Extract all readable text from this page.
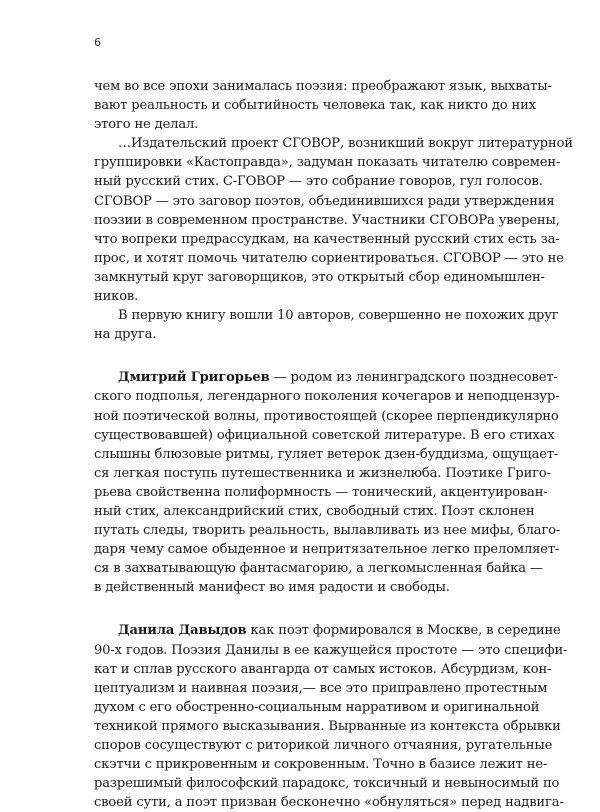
6
чем во все эпохи занималась поэзия: преображают язык, выхваты-
вают реальность и событийность человека так, как никто до них
этого не делал.
…Издательский проект СГОВОР, возникший вокруг литературной
группировки «Кастоправда», задуман показать читателю современ-
ный русский стих. С-ГОВОР — это собрание говоров, гул голосов.
СГОВОР — это заговор поэтов, объединившихся ради утверждения
поэзии в современном пространстве. Участники СГОВОРа уверены,
что вопреки предрассудкам, на качественный русский стих есть за-
прос, и хотят помочь читателю сориентироваться. СГОВОР — это не
замкнутый круг заговорщиков, это открытый сбор единомышлен-
ников.
В первую книгу вошли 10 авторов, совершенно не похожих друг
на друга.
Дмитрий Григорьев — родом из ленинградского позднесовет-
ского подполья, легендарного поколения кочегаров и неподцензур-
ной поэтической волны, противостоящей (скорее перпендикулярно
существовавшей) официальной советской литературе. В его стихах
слышны блюзовые ритмы, гуляет ветерок дзен-буддизма, ощущает-
ся легкая поступь путешественника и жизнелюба. Поэтике Григо-
рьева свойственна полиформность — тонический, акцентуирован-
ный стих, александрийский стих, свободный стих. Поэт склонен
путать следы, творить реальность, вылавливать из нее мифы, благо-
даря чему самое обыденное и непритязательное легко преломляет-
ся в захватывающую фантасмагорию, а легкомысленная байка —
в действенный манифест во имя радости и свободы.
Данила Давыдов как поэт формировался в Москве, в середине
90-х годов. Поэзия Данилы в ее кажущейся простоте — это специфи-
кат и сплав русского авангарда от самых истоков. Абсурдизм, кон-
цептуализм и наивная поэзия,— все это приправлено протестным
духом с его обостренно-социальным нарративом и оригинальной
техникой прямого высказывания. Вырванные из контекста обрывки
споров сосуществуют с риторикой личного отчаяния, ругательные
скэтчи с прикровенным и сокровенным. Точно в базисе лежит не-
разрешимый философский парадокс, токсичный и невыносимый по
своей сути, а поэт призван бесконечно «обнуляться» перед надвига-
